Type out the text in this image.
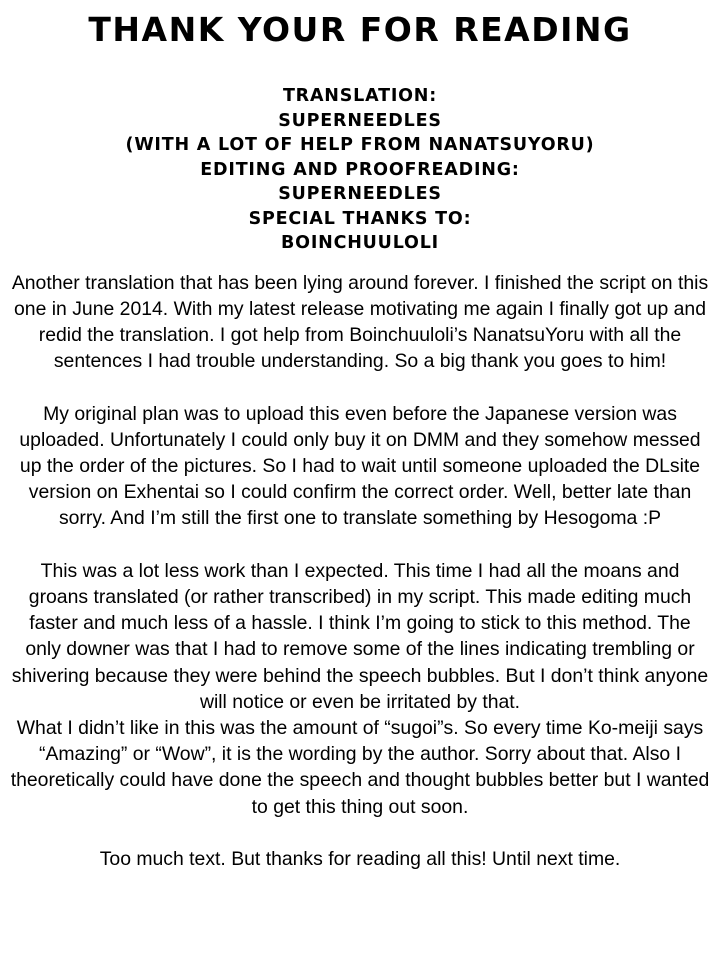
THANK YOUR FOR READING
TRANSLATION:
SUPERNEEDLES
(WITH A LOT OF HELP FROM NANATSUYORU)
EDITING AND PROOFREADING:
SUPERNEEDLES
SPECIAL THANKS TO:
BOINCHUULOLI

Another translation that has been lying around forever. I finished the script on this one in June 2014. With my latest release motivating me again I finally got up and redid the translation. I got help from Boinchuuloli’s NanatsuYoru with all the sentences I had trouble understanding. So a big thank you goes to him!

My original plan was to upload this even before the Japanese version was uploaded. Unfortunately I could only buy it on DMM and they somehow messed up the order of the pictures. So I had to wait until someone uploaded the DLsite version on Exhentai so I could confirm the correct order. Well, better late than sorry. And I’m still the first one to translate something by Hesogoma :P

This was a lot less work than I expected. This time I had all the moans and groans translated (or rather transcribed) in my script. This made editing much faster and much less of a hassle. I think I’m going to stick to this method. The only downer was that I had to remove some of the lines indicating trembling or shivering because they were behind the speech bubbles. But I don’t think anyone will notice or even be irritated by that.

What I didn’t like in this was the amount of “sugoi”s. So every time Ko-meiji says “Amazing” or “Wow”, it is the wording by the author. Sorry about that. Also I theoretically could have done the speech and thought bubbles better but I wanted to get this thing out soon.

Too much text. But thanks for reading all this! Until next time.
